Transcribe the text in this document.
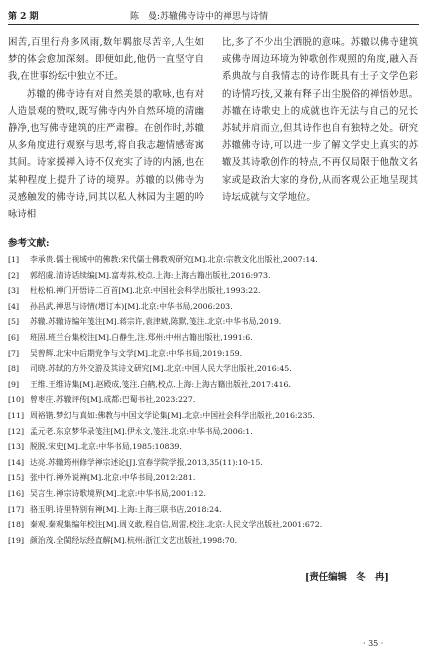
第 2 期	陈　曼:苏辙佛寺诗中的禅思与诗情

困苦,百里行舟多风雨,数年羁旅尽苦辛,人生如梦的体会愈加深刻。即便如此,他仍一直坚守自我,在世事纷纭中独立不迁。

苏辙的佛寺诗有对自然美景的歌咏,也有对人造景观的赞叹,既写佛寺内外自然环境的清幽静净,也写佛寺建筑的庄严肃穆。在创作时,苏辙从多角度进行观察与思考,将自我志趣情感寄寓其间。诗家援禅入诗不仅充实了诗的内涵,也在某种程度上提升了诗的境界。苏辙的以佛寺为灵感触发的佛寺诗,同其以私人林园为主题的吟咏诗相

比,多了不少出尘洒脱的意味。苏辙以佛寺建筑或佛寺周边环境为钟歌创作观照的角度,融入吾系典故与自我情志的诗作既具有士子文学色彩的诗情巧技,又兼有释子出尘脱俗的禅悟妙思。苏辙在诗歌史上的成就也许无法与自己的兄长苏轼并肩而立,但其诗作也自有独特之处。研究苏辙佛寺诗,可以进一步了解文学史上真实的苏辙及其诗歌创作的特点,不再仅局限于他散文名家或是政治大家的身份,从而客观公正地呈现其诗坛成就与文学地位。

参考文献:
[1] 李承贵.儒士视域中的佛教:宋代儒士佛教观研究[M].北京:宗教文化出版社,2007:14.
[2] 郭绍虞.清诗话续编[M].富寿荪,校点.上海:上海古籍出版社,2016:973.
[3] 杜松柏.禅门开悟诗二百首[M].北京:中国社会科学出版社,1993:22.
[4] 孙昌武.禅思与诗情(增订本)[M].北京:中华书局,2006:203.
[5] 苏辙.苏辙诗编年笺注[M].蒋宗许,袁津琥,陈默,笺注.北京:中华书局,2019.
[6] 班固.班兰台集校注[M].白静生,注.郑州:中州古籍出版社,1991:6.
[7] 吴曾辉.北宋中后期党争与文学[M].北京:中华书局,2019:159.
[8] 司晓.苏轼的方外交游及其诗文研究[M].北京:中国人民大学出版社,2016:45.
[9] 王维.王维诗集[M].赵殿成,笺注.白鹤,校点.上海:上海古籍出版社,2017:416.
[10] 曾枣庄.苏辙评传[M].成都:巴蜀书社,2023:227.
[11] 周裕锴.梦幻与真如:佛教与中国文学论集[M].北京:中国社会科学出版社,2016:235.
[12] 孟元老.东京梦华录笺注[M].伊永文,笺注.北京:中华书局,2006:1.
[13] 脱脱.宋史[M].北京:中华书局,1985:10839.
[14] 达亮.苏辙筠州修学禅宗述论[J].宜春学院学报,2013,35(11):10-15.
[15] 张中行.禅外说禅[M].北京:中华书局,2012:281.
[16] 吴言生.禅宗诗歌境界[M].北京:中华书局,2001:12.
[17] 骆玉明.诗里特别有禅[M].上海:上海三联书店,2018:24.
[18] 秦观.秦观集编年校注[M].周义敢,程自信,周雷,校注.北京:人民文学出版社,2001:672.
[19] 颜治茂.全閩经坛经直解[M].杭州:浙江文艺出版社,1998:70.
[责任编辑　冬　冉]
· 35 ·
